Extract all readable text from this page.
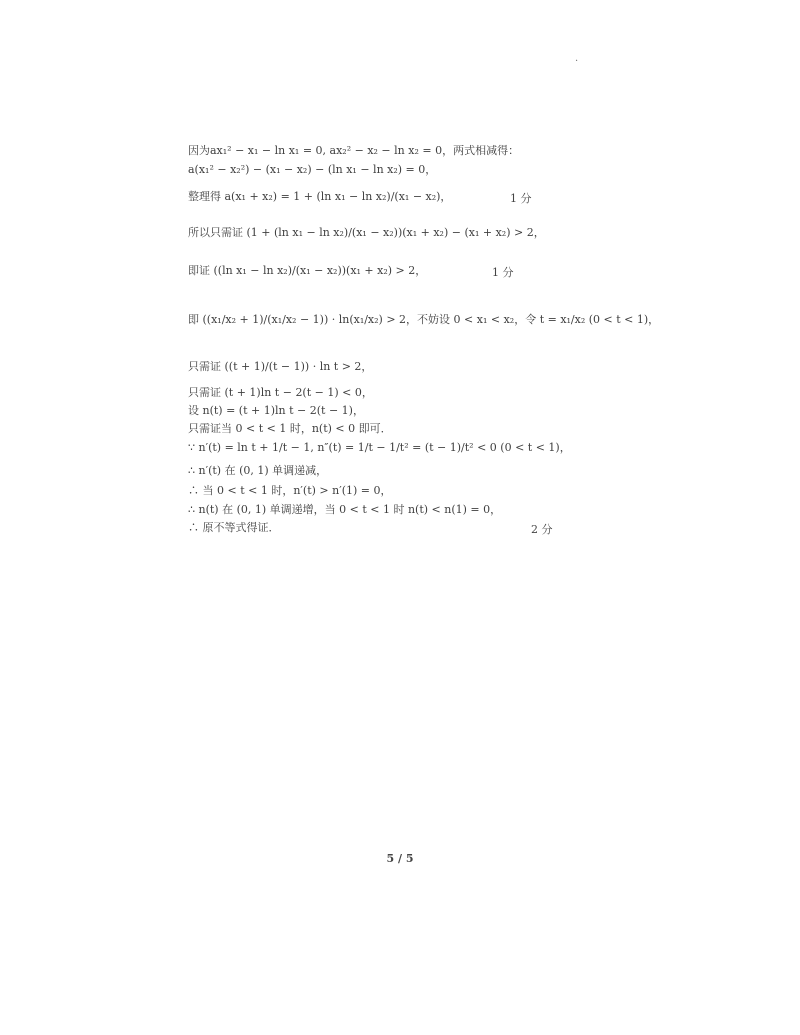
·
因为ax₁² − x₁ − ln x₁ = 0, ax₂² − x₂ − ln x₂ = 0，两式相减得：
a(x₁² − x₂²) − (x₁ − x₂) − (ln x₁ − ln x₂) = 0，
整理得 a(x₁ + x₂) = 1 + (ln x₁ − ln x₂)/(x₁ − x₂)，
所以只需证 (1 + (ln x₁ − ln x₂)/(x₁ − x₂))(x₁ + x₂) − (x₁ + x₂) > 2，
即证 ((ln x₁ − ln x₂)/(x₁ − x₂))(x₁ + x₂) > 2，
即 ((x₁/x₂ + 1)/(x₁/x₂ − 1)) · ln(x₁/x₂) > 2，不妨设 0 < x₁ < x₂，令 t = x₁/x₂ (0 < t < 1)，
只需证 ((t + 1)/(t − 1)) · ln t > 2，
只需证 (t + 1)ln t − 2(t − 1) < 0，
设 n(t) = (t + 1)ln t − 2(t − 1)，
只需证当 0 < t < 1 时，n(t) < 0 即可．
∵ n′(t) = ln t + 1/t − 1, n″(t) = 1/t − 1/t² = (t − 1)/t² < 0 (0 < t < 1)，
∴ n′(t) 在 (0, 1) 单调递减，
∴ 当 0 < t < 1 时，n′(t) > n′(1) = 0，
∴ n(t) 在 (0, 1) 单调递增，当 0 < t < 1 时 n(t) < n(1) = 0，
∴ 原不等式得证．
1 分
1 分
2 分
5 / 5
